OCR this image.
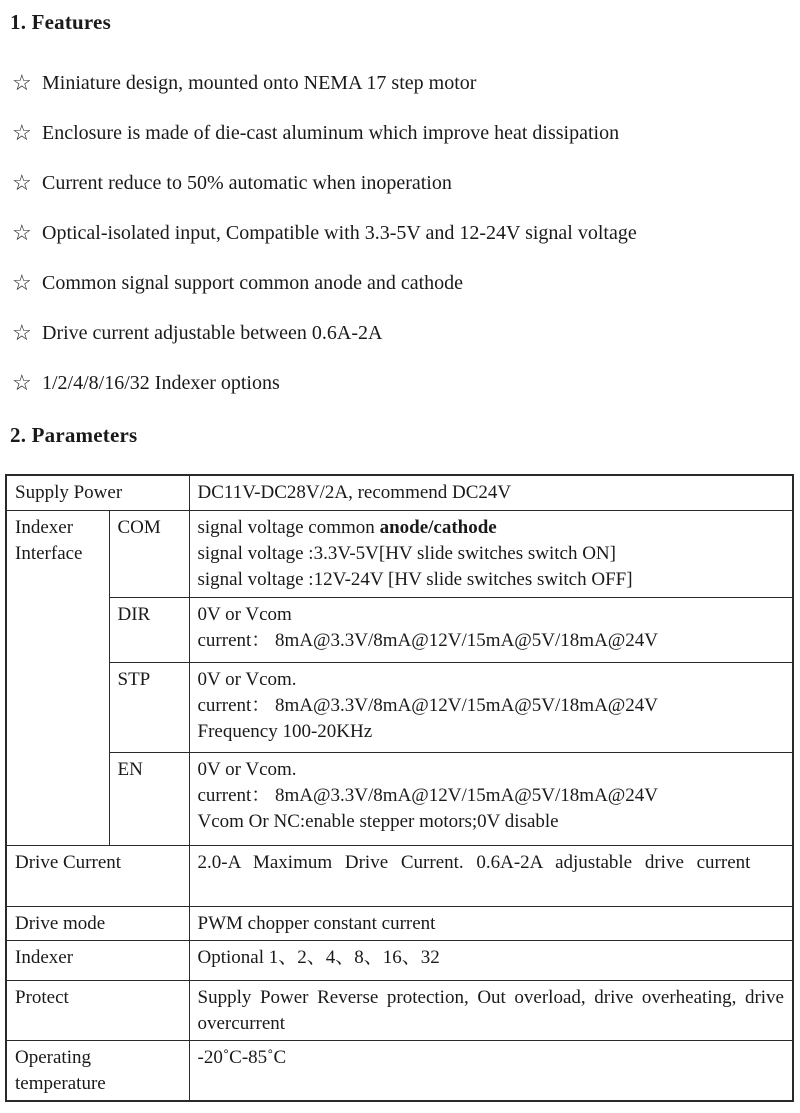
1. Features
☆ Miniature design, mounted onto NEMA 17 step motor
☆ Enclosure is made of die-cast aluminum which improve heat dissipation
☆ Current reduce to 50% automatic when inoperation
☆ Optical-isolated input, Compatible with 3.3-5V and 12-24V signal voltage
☆ Common signal support common anode and cathode
☆ Drive current adjustable between 0.6A-2A
☆ 1/2/4/8/16/32 Indexer options
2. Parameters
Supply Power		DC11V-DC28V/2A, recommend DC24V

Indexer
Interface
	COM	signal voltage common anode/cathode
signal voltage :3.3V-5V[HV slide switches switch ON]
signal voltage :12V-24V [HV slide switches switch OFF]

	DIR	0V or Vcom
current： 8mA@3.3V/8mA@12V/15mA@5V/18mA@24V

	STP	0V or Vcom.
current： 8mA@3.3V/8mA@12V/15mA@5V/18mA@24V
Frequency 100-20KHz

	EN	0V or Vcom.
current： 8mA@3.3V/8mA@12V/15mA@5V/18mA@24V
Vcom Or NC:enable stepper motors;0V disable

Drive Current		2.0-A Maximum Drive Current. 0.6A-2A adjustable drive current
Drive mode		PWM chopper constant current
Indexer		Optional 1、2、4、8、16、32
Protect		Supply Power Reverse protection, Out overload, drive overheating, drive overcurrent
Operating temperature		-20˚C-85˚C
